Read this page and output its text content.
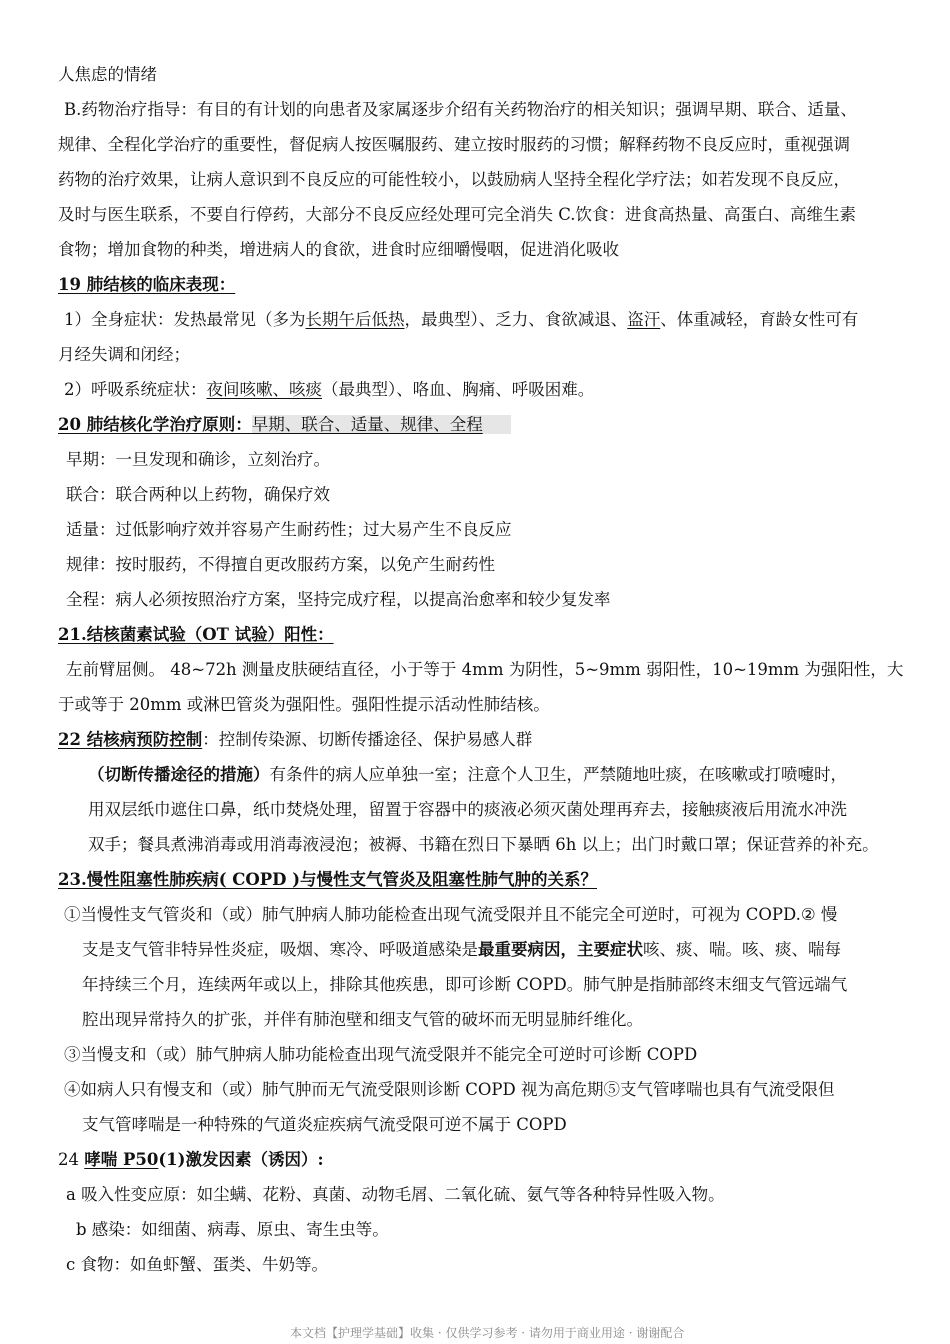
人焦虑的情绪
B.药物治疗指导：有目的有计划的向患者及家属逐步介绍有关药物治疗的相关知识；强调早期、联合、适量、
规律、全程化学治疗的重要性，督促病人按医嘱服药、建立按时服药的习惯；解释药物不良反应时，重视强调
药物的治疗效果，让病人意识到不良反应的可能性较小，以鼓励病人坚持全程化学疗法；如若发现不良反应，
及时与医生联系，不要自行停药，大部分不良反应经处理可完全消失 C.饮食：进食高热量、高蛋白、高维生素
食物；增加食物的种类，增进病人的食欲，进食时应细嚼慢咽，促进消化吸收
19 肺结核的临床表现：
1）全身症状：发热最常见（多为长期午后低热，最典型）、乏力、食欲减退、盗汗、体重减轻，育龄女性可有
月经失调和闭经；
2）呼吸系统症状：夜间咳嗽、咳痰（最典型）、咯血、胸痛、呼吸困难。
20 肺结核化学治疗原则：早期、联合、适量、规律、全程
早期：一旦发现和确诊，立刻治疗。
联合：联合两种以上药物，确保疗效
适量：过低影响疗效并容易产生耐药性；过大易产生不良反应
规律：按时服药，不得擅自更改服药方案，以免产生耐药性
全程：病人必须按照治疗方案，坚持完成疗程，以提高治愈率和较少复发率
21.结核菌素试验（OT 试验）阳性：
左前臂屈侧。 48~72h 测量皮肤硬结直径，小于等于 4mm 为阴性，5~9mm 弱阳性，10~19mm 为强阳性，大
于或等于 20mm 或淋巴管炎为强阳性。强阳性提示活动性肺结核。
22 结核病预防控制：控制传染源、切断传播途径、保护易感人群
（切断传播途径的措施）有条件的病人应单独一室；注意个人卫生，严禁随地吐痰，在咳嗽或打喷嚏时，
用双层纸巾遮住口鼻，纸巾焚烧处理，留置于容器中的痰液必须灭菌处理再弃去，接触痰液后用流水冲洗
双手；餐具煮沸消毒或用消毒液浸泡；被褥、书籍在烈日下暴晒 6h 以上；出门时戴口罩；保证营养的补充。
23.慢性阻塞性肺疾病( COPD )与慢性支气管炎及阻塞性肺气肿的关系？
①当慢性支气管炎和（或）肺气肿病人肺功能检查出现气流受限并且不能完全可逆时，可视为 COPD.② 慢
支是支气管非特异性炎症，吸烟、寒冷、呼吸道感染是最重要病因，主要症状咳、痰、喘。咳、痰、喘每
年持续三个月，连续两年或以上，排除其他疾患，即可诊断 COPD。肺气肿是指肺部终末细支气管远端气
腔出现异常持久的扩张，并伴有肺泡壁和细支气管的破坏而无明显肺纤维化。
③当慢支和（或）肺气肿病人肺功能检查出现气流受限并不能完全可逆时可诊断 COPD
④如病人只有慢支和（或）肺气肿而无气流受限则诊断 COPD 视为高危期⑤支气管哮喘也具有气流受限但
支气管哮喘是一种特殊的气道炎症疾病气流受限可逆不属于 COPD
24 哮喘 P50(1)激发因素（诱因）:
a 吸入性变应原：如尘螨、花粉、真菌、动物毛屑、二氧化硫、氨气等各种特异性吸入物。
b 感染：如细菌、病毒、原虫、寄生虫等。
c 食物：如鱼虾蟹、蛋类、牛奶等。
本文档【护理学基础】收集 · 仅供学习参考 · 请勿用于商业用途 · 谢谢配合
